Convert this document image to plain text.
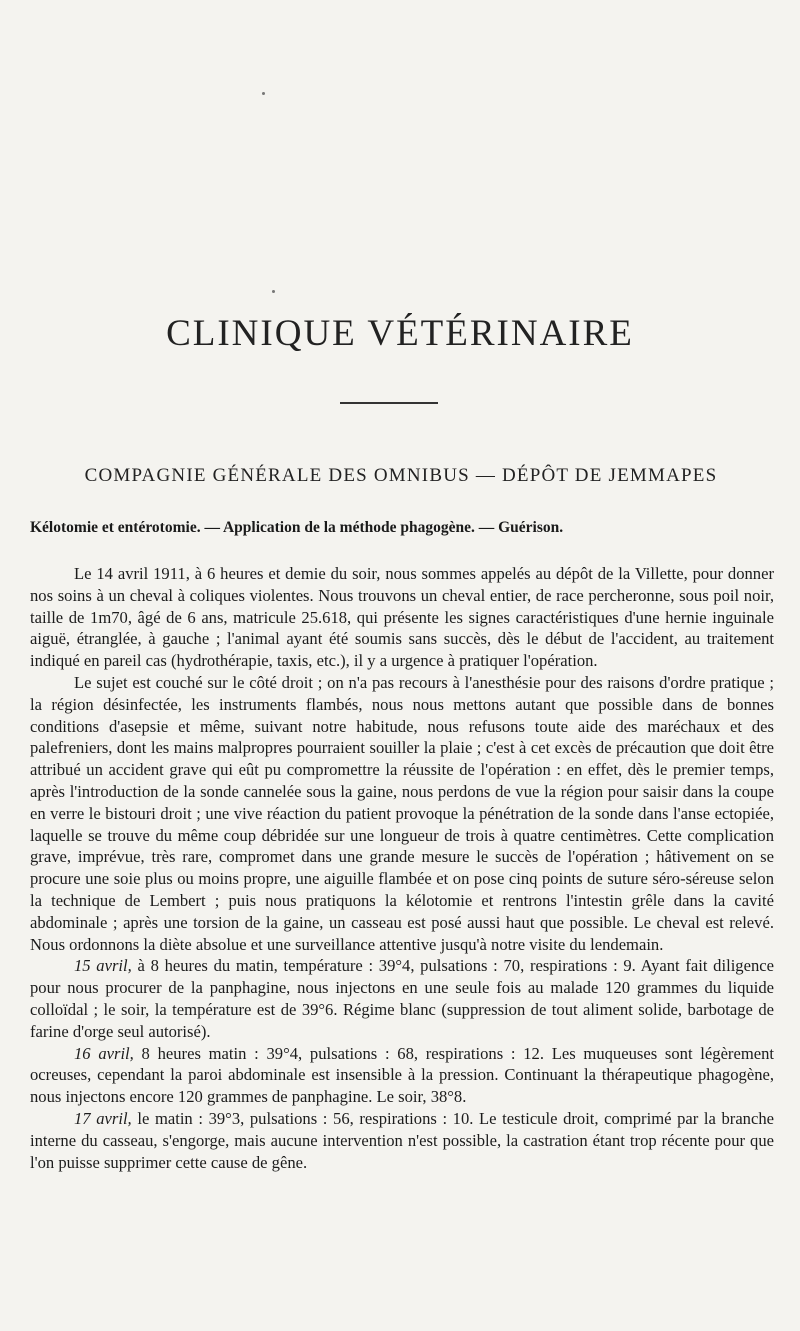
CLINIQUE VÉTÉRINAIRE
COMPAGNIE GÉNÉRALE DES OMNIBUS — DÉPÔT DE JEMMAPES
Kélotomie et entérotomie. — Application de la méthode phagogène. — Guérison.

Le 14 avril 1911, à 6 heures et demie du soir, nous sommes appelés au dépôt de la Villette, pour donner nos soins à un cheval à coliques violentes. Nous trouvons un cheval entier, de race percheronne, sous poil noir, taille de 1m70, âgé de 6 ans, matricule 25.618, qui présente les signes caractéristiques d'une hernie inguinale aiguë, étranglée, à gauche ; l'animal ayant été soumis sans succès, dès le début de l'accident, au traitement indiqué en pareil cas (hydrothérapie, taxis, etc.), il y a urgence à pratiquer l'opération.

Le sujet est couché sur le côté droit ; on n'a pas recours à l'anesthésie pour des raisons d'ordre pratique ; la région désinfectée, les instruments flambés, nous nous mettons autant que possible dans de bonnes conditions d'asepsie et même, suivant notre habitude, nous refusons toute aide des maréchaux et des palefreniers, dont les mains malpropres pourraient souiller la plaie ; c'est à cet excès de précaution que doit être attribué un accident grave qui eût pu compromettre la réussite de l'opération : en effet, dès le premier temps, après l'introduction de la sonde cannelée sous la gaine, nous perdons de vue la région pour saisir dans la coupe en verre le bistouri droit ; une vive réaction du patient provoque la pénétration de la sonde dans l'anse ectopiée, laquelle se trouve du même coup débridée sur une longueur de trois à quatre centimètres. Cette complication grave, imprévue, très rare, compromet dans une grande mesure le succès de l'opération ; hâtivement on se procure une soie plus ou moins propre, une aiguille flambée et on pose cinq points de suture séro-séreuse selon la technique de Lembert ; puis nous pratiquons la kélotomie et rentrons l'intestin grêle dans la cavité abdominale ; après une torsion de la gaine, un casseau est posé aussi haut que possible. Le cheval est relevé. Nous ordonnons la diète absolue et une surveillance attentive jusqu'à notre visite du lendemain.

15 avril, à 8 heures du matin, température : 39°4, pulsations : 70, respirations : 9. Ayant fait diligence pour nous procurer de la panphagine, nous injectons en une seule fois au malade 120 grammes du liquide colloïdal ; le soir, la température est de 39°6. Régime blanc (suppression de tout aliment solide, barbotage de farine d'orge seul autorisé).

16 avril, 8 heures matin : 39°4, pulsations : 68, respirations : 12. Les muqueuses sont légèrement ocreuses, cependant la paroi abdominale est insensible à la pression. Continuant la thérapeutique phagogène, nous injectons encore 120 grammes de panphagine. Le soir, 38°8.

17 avril, le matin : 39°3, pulsations : 56, respirations : 10. Le testicule droit, comprimé par la branche interne du casseau, s'engorge, mais aucune intervention n'est possible, la castration étant trop récente pour que l'on puisse supprimer cette cause de gêne.
